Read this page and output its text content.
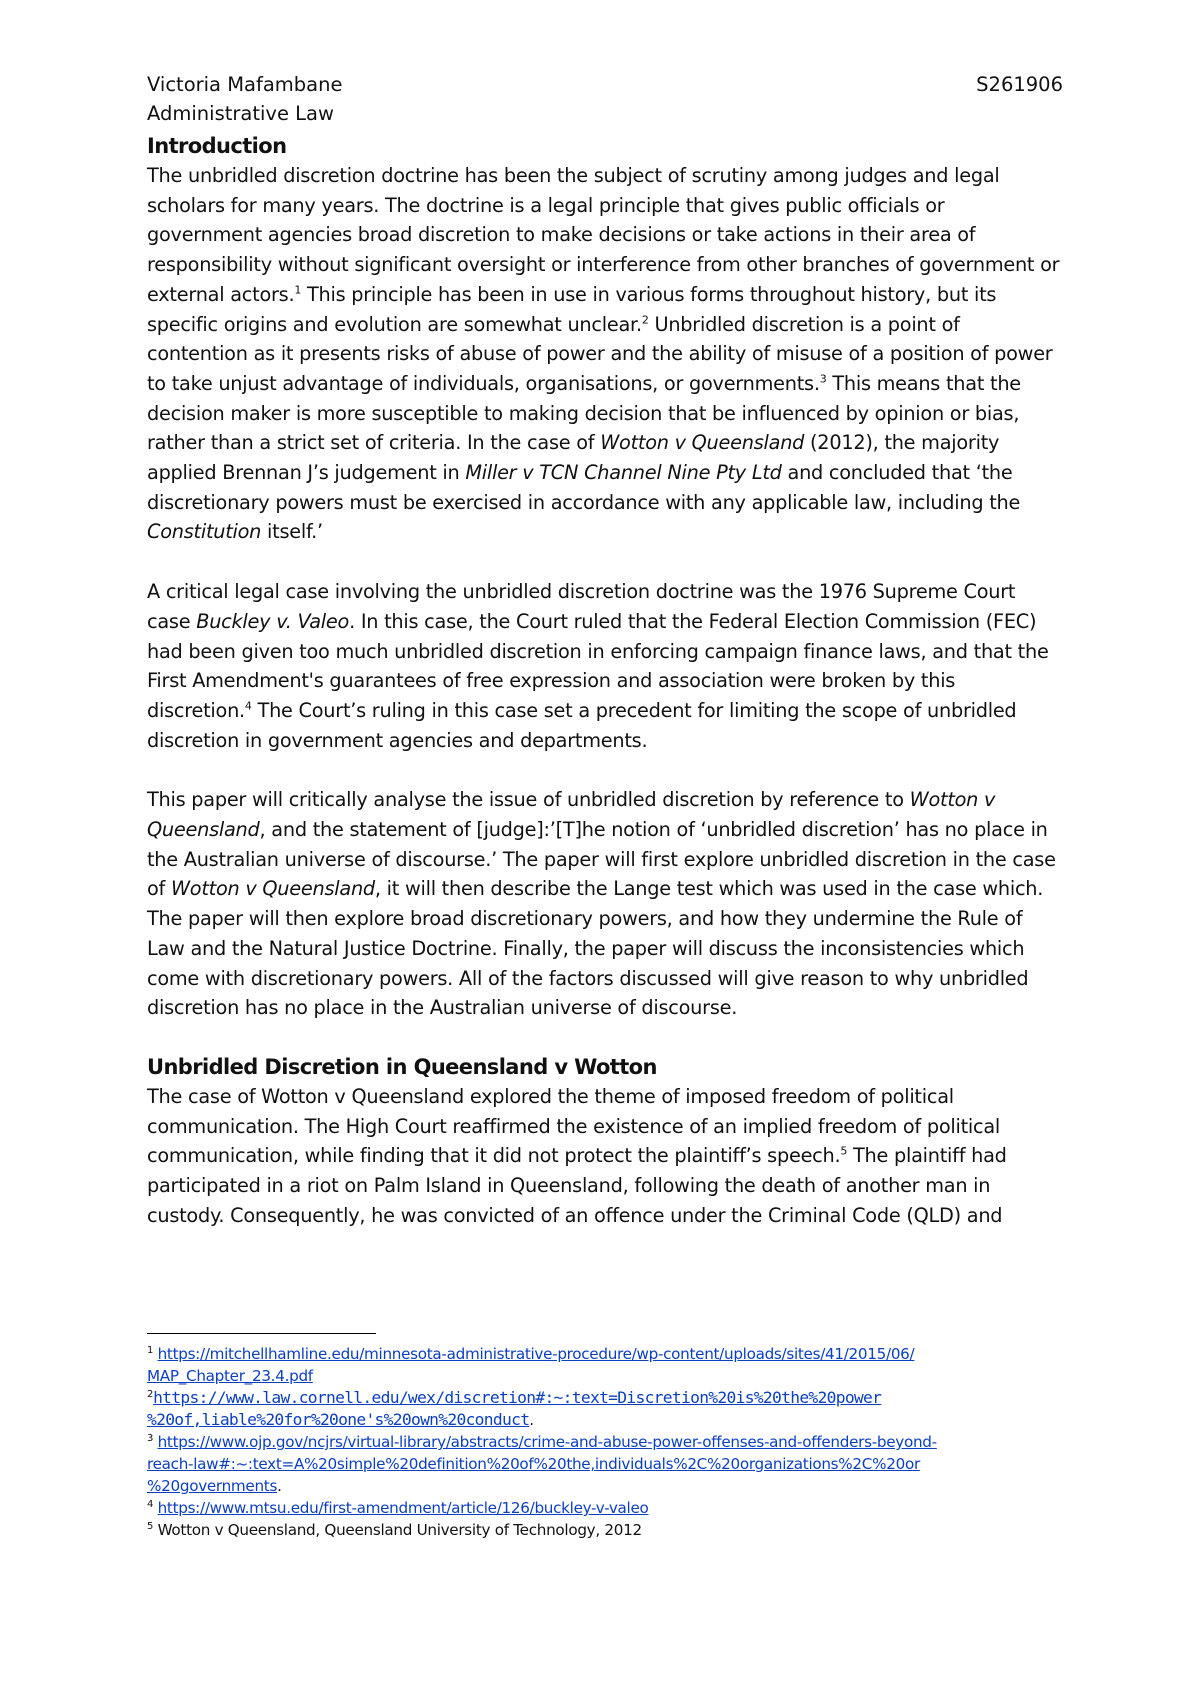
Victoria Mafambane	S261906
Administrative Law
Introduction

The unbridled discretion doctrine has been the subject of scrutiny among judges and legal scholars for many years. The doctrine is a legal principle that gives public officials or government agencies broad discretion to make decisions or take actions in their area of responsibility without significant oversight or interference from other branches of government or external actors.$^1$ This principle has been in use in various forms throughout history, but its specific origins and evolution are somewhat unclear.$^2$ Unbridled discretion is a point of contention as it presents risks of abuse of power and the ability of misuse of a position of power to take unjust advantage of individuals, organisations, or governments.$^3$ This means that the decision maker is more susceptible to making decision that be influenced by opinion or bias, rather than a strict set of criteria. In the case of Wotton v Queensland (2012), the majority applied Brennan J’s judgement in Miller v TCN Channel Nine Pty Ltd and concluded that ‘the discretionary powers must be exercised in accordance with any applicable law, including the Constitution itself.’

A critical legal case involving the unbridled discretion doctrine was the 1976 Supreme Court case Buckley v. Valeo. In this case, the Court ruled that the Federal Election Commission (FEC) had been given too much unbridled discretion in enforcing campaign finance laws, and that the First Amendment's guarantees of free expression and association were broken by this discretion.$^4$ The Court’s ruling in this case set a precedent for limiting the scope of unbridled discretion in government agencies and departments.

This paper will critically analyse the issue of unbridled discretion by reference to Wotton v Queensland, and the statement of [judge]:’[T]he notion of ‘unbridled discretion’ has no place in the Australian universe of discourse.’ The paper will first explore unbridled discretion in the case of Wotton v Queensland, it will then describe the Lange test which was used in the case which. The paper will then explore broad discretionary powers, and how they undermine the Rule of Law and the Natural Justice Doctrine. Finally, the paper will discuss the inconsistencies which come with discretionary powers. All of the factors discussed will give reason to why unbridled discretion has no place in the Australian universe of discourse.

Unbridled Discretion in Queensland v Wotton

The case of Wotton v Queensland explored the theme of imposed freedom of political communication. The High Court reaffirmed the existence of an implied freedom of political communication, while finding that it did not protect the plaintiff’s speech.$^5$ The plaintiff had participated in a riot on Palm Island in Queensland, following the death of another man in custody. Consequently, he was convicted of an offence under the Criminal Code (QLD) and

$^1$ https://mitchellhamline.edu/minnesota-administrative-procedure/wp-content/uploads/sites/41/2015/06/
MAP_Chapter_23.4.pdf
$^2$https://www.law.cornell.edu/wex/discretion#:~:text=Discretion%20is%20the%20power
%20of,liable%20for%20one's%20own%20conduct.
$^3$ https://www.ojp.gov/ncjrs/virtual-library/abstracts/crime-and-abuse-power-offenses-and-offenders-beyond-
reach-law#:~:text=A%20simple%20definition%20of%20the,individuals%2C%20organizations%2C%20or
%20governments.
$^4$ https://www.mtsu.edu/first-amendment/article/126/buckley-v-valeo
$^5$ Wotton v Queensland, Queensland University of Technology, 2012
